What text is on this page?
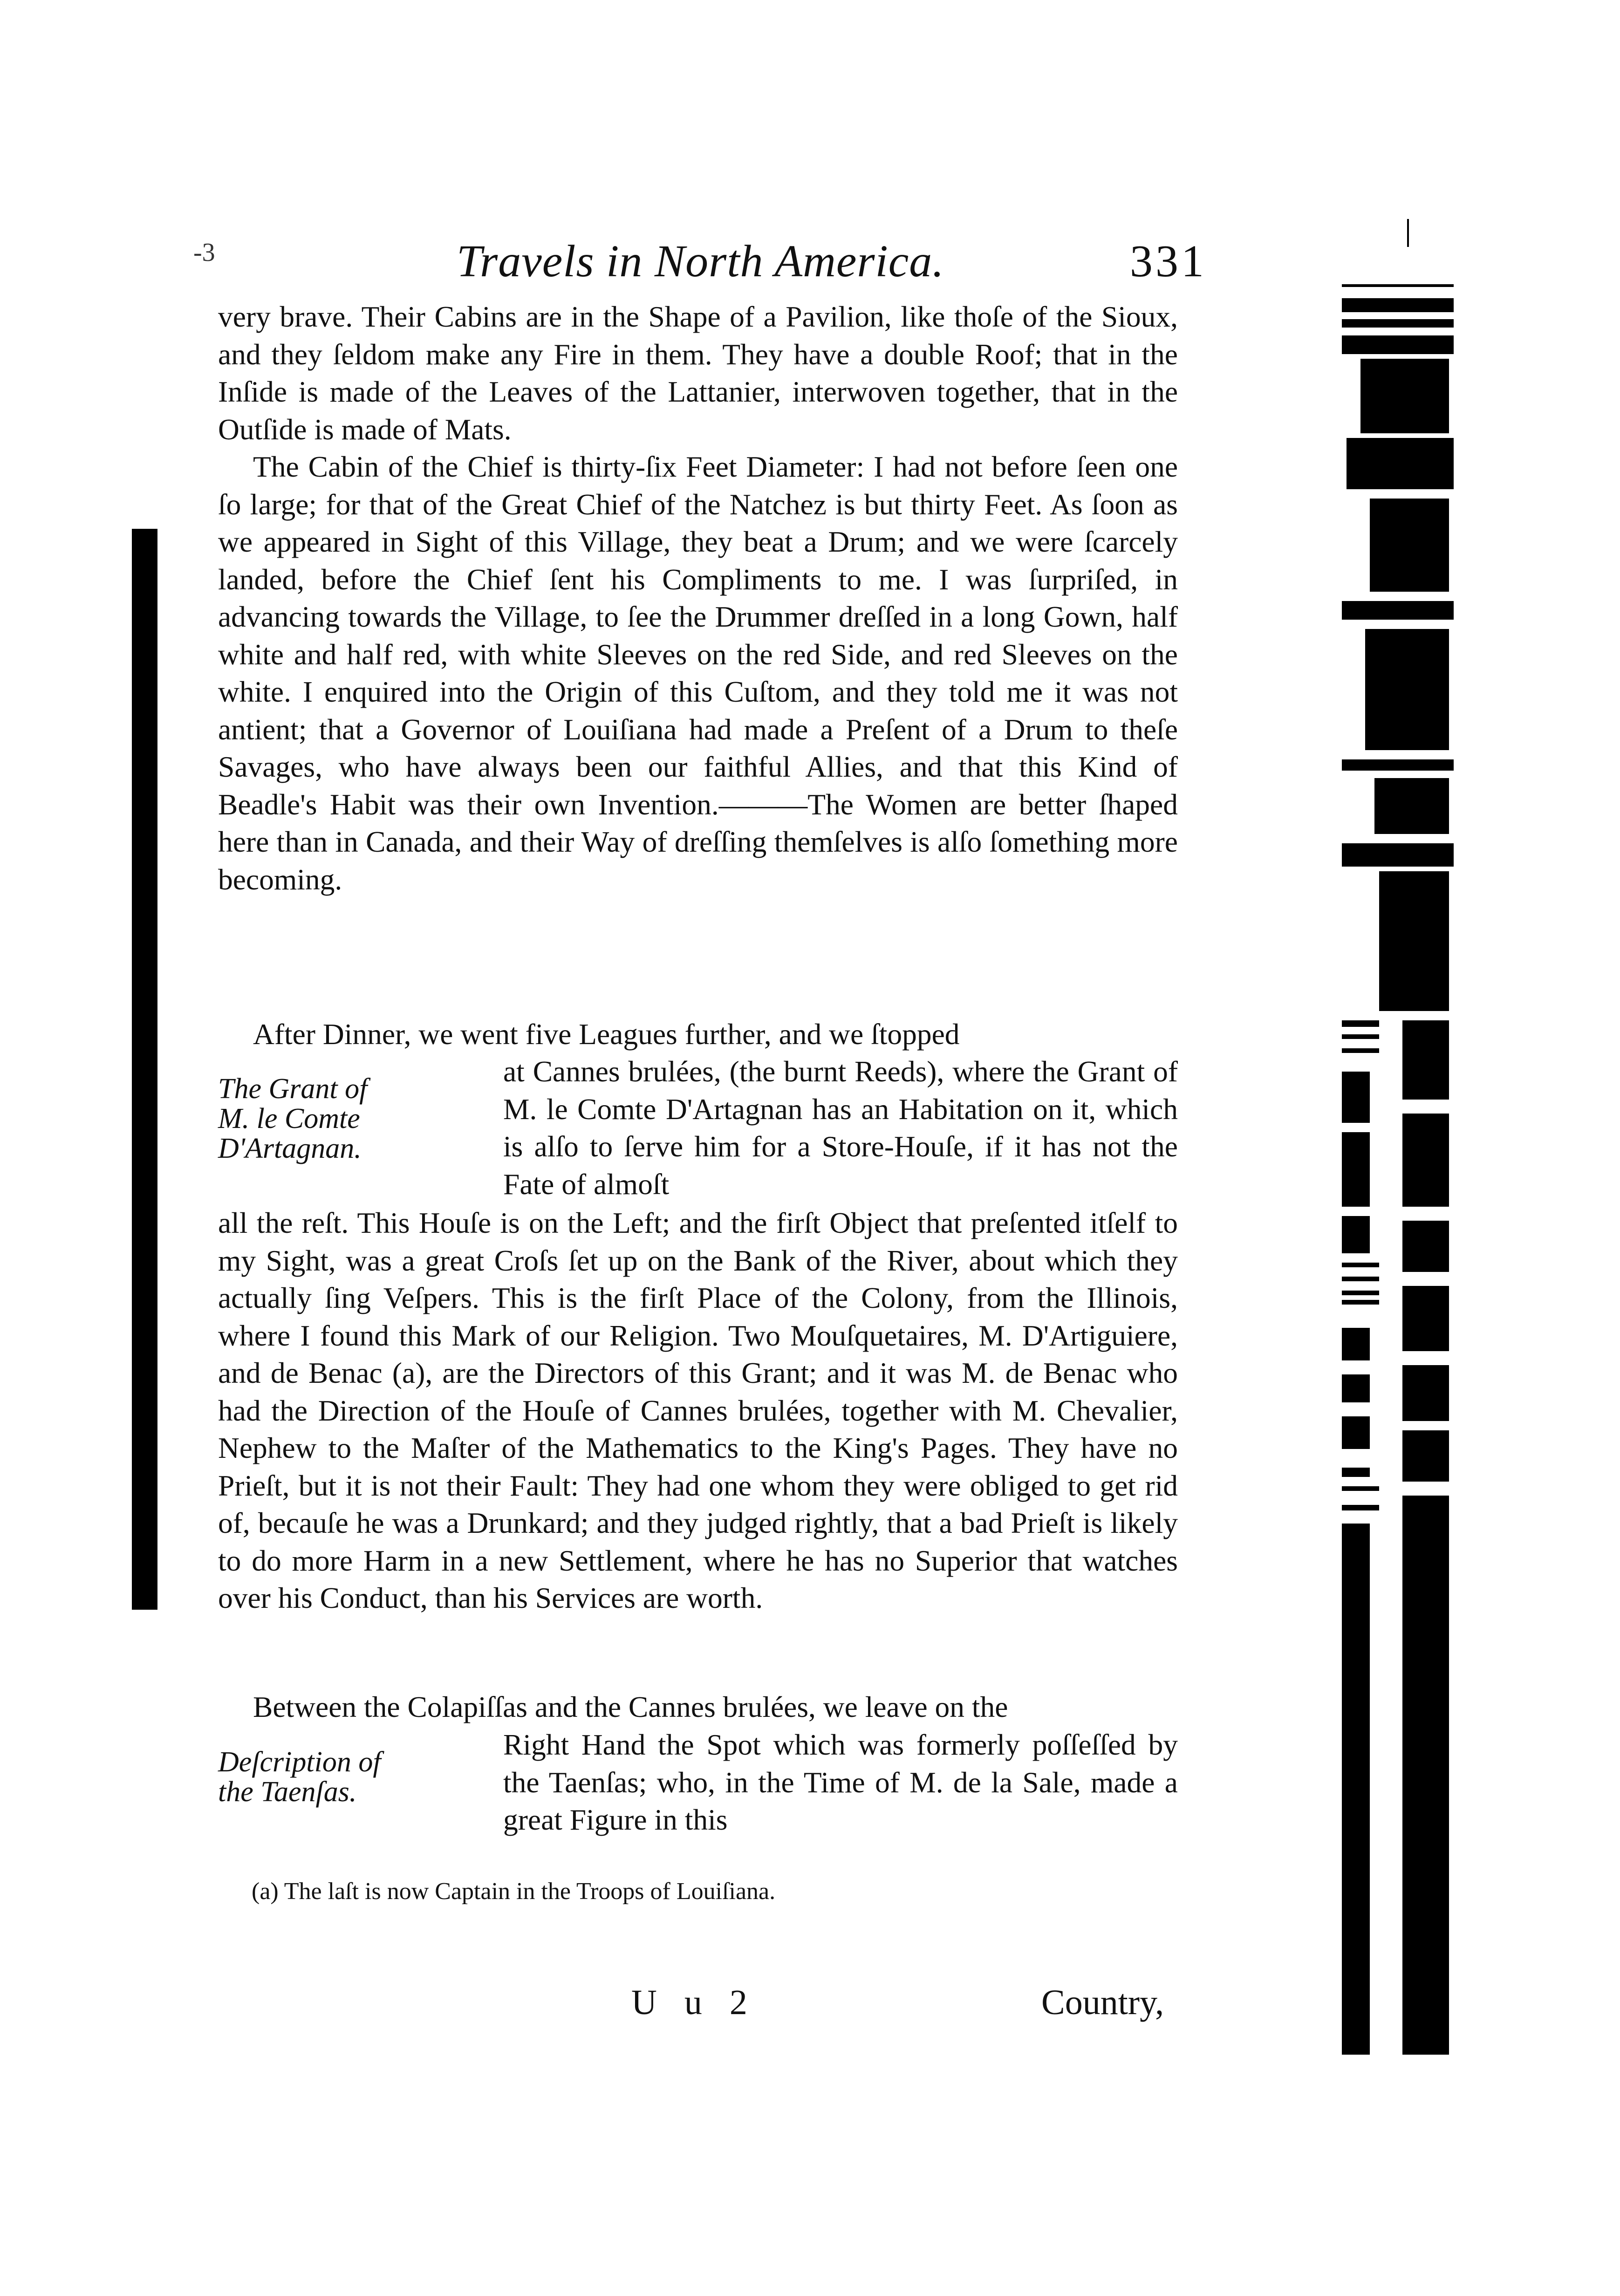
-3	Travels in North America.	331

very brave. Their Cabins are in the Shape of a Pavilion, like thoſe of the Sioux, and they ſeldom make any Fire in them. They have a double Roof; that in the Inſide is made of the Leaves of the Lattanier, interwoven together, that in the Outſide is made of Mats.

The Cabin of the Chief is thirty-ſix Feet Diameter: I had not before ſeen one ſo large; for that of the Great Chief of the Natchez is but thirty Feet. As ſoon as we appeared in Sight of this Village, they beat a Drum; and we were ſcarcely landed, before the Chief ſent his Compliments to me. I was ſurpriſed, in advancing towards the Village, to ſee the Drummer dreſſed in a long Gown, half white and half red, with white Sleeves on the red Side, and red Sleeves on the white. I enquired into the Origin of this Cuſtom, and they told me it was not antient; that a Governor of Louiſiana had made a Preſent of a Drum to theſe Savages, who have always been our faithful Allies, and that this Kind of Beadle's Habit was their own Invention.———The Women are better ſhaped here than in Canada, and their Way of dreſſing themſelves is alſo ſomething more becoming.

After Dinner, we went five Leagues further, and we ſtopped

The Grant of
M. le Comte
D'Artagnan.

at Cannes brulées, (the burnt Reeds), where the Grant of M. le Comte D'Artagnan has an Habitation on it, which is alſo to ſerve him for a Store-Houſe, if it has not the Fate of almoſt

all the reſt. This Houſe is on the Left; and the firſt Object that preſented itſelf to my Sight, was a great Croſs ſet up on the Bank of the River, about which they actually ſing Veſpers. This is the firſt Place of the Colony, from the Illinois, where I found this Mark of our Religion. Two Mouſquetaires, M. D'Artiguiere, and de Benac (a), are the Directors of this Grant; and it was M. de Benac who had the Direction of the Houſe of Cannes brulées, together with M. Chevalier, Nephew to the Maſter of the Mathematics to the King's Pages. They have no Prieſt, but it is not their Fault: They had one whom they were obliged to get rid of, becauſe he was a Drunkard; and they judged rightly, that a bad Prieſt is likely to do more Harm in a new Settlement, where he has no Superior that watches over his Conduct, than his Services are worth.

Between the Colapiſſas and the Cannes brulées, we leave on the

Deſcription of
the Taenſas.

Right Hand the Spot which was formerly poſſeſſed by the Taenſas; who, in the Time of M. de la Sale, made a great Figure in this

(a) The laſt is now Captain in the Troops of Louiſiana.
U u 2	Country,
